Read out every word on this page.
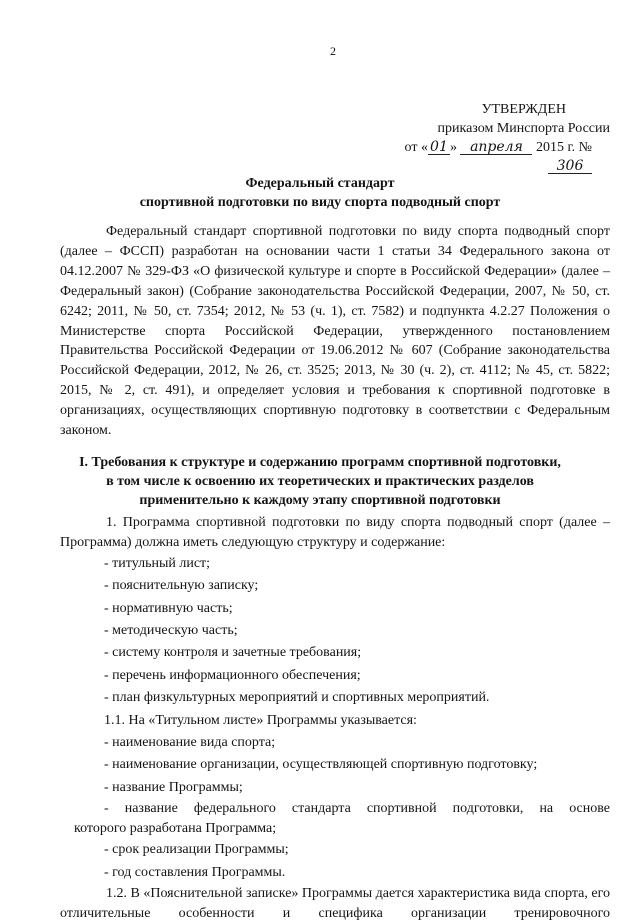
2
УТВЕРЖДЕН
приказом Минспорта России
от « 01 » апреля 2015 г. № 306
Федеральный стандарт
спортивной подготовки по виду спорта подводный спорт

Федеральный стандарт спортивной подготовки по виду спорта подводный спорт (далее – ФССП) разработан на основании части 1 статьи 34 Федерального закона от 04.12.2007 № 329-ФЗ «О физической культуре и спорте в Российской Федерации» (далее – Федеральный закон) (Собрание законодательства Российской Федерации, 2007, № 50, ст. 6242; 2011, № 50, ст. 7354; 2012, № 53 (ч. 1), ст. 7582) и подпункта 4.2.27 Положения о Министерстве спорта Российской Федерации, утвержденного постановлением Правительства Российской Федерации от 19.06.2012 № 607 (Собрание законодательства Российской Федерации, 2012, № 26, ст. 3525; 2013, № 30 (ч. 2), ст. 4112; № 45, ст. 5822; 2015, № 2, ст. 491), и определяет условия и требования к спортивной подготовке в организациях, осуществляющих спортивную подготовку в соответствии с Федеральным законом.

I. Требования к структуре и содержанию программ спортивной подготовки,
в том числе к освоению их теоретических и практических разделов
применительно к каждому этапу спортивной подготовки

1. Программа спортивной подготовки по виду спорта подводный спорт (далее – Программа) должна иметь следующую структуру и содержание:

- титульный лист;
- пояснительную записку;
- нормативную часть;
- методическую часть;
- систему контроля и зачетные требования;
- перечень информационного обеспечения;
- план физкультурных мероприятий и спортивных мероприятий.

1.1. На «Титульном листе» Программы указывается:

- наименование вида спорта;
- наименование организации, осуществляющей спортивную подготовку;
- название Программы;

- название федерального стандарта спортивной подготовки, на основе

которого разработана Программа;

- срок реализации Программы;
- год составления Программы.

1.2. В «Пояснительной записке» Программы дается характеристика вида спорта, его отличительные особенности и специфика организации тренировочного
